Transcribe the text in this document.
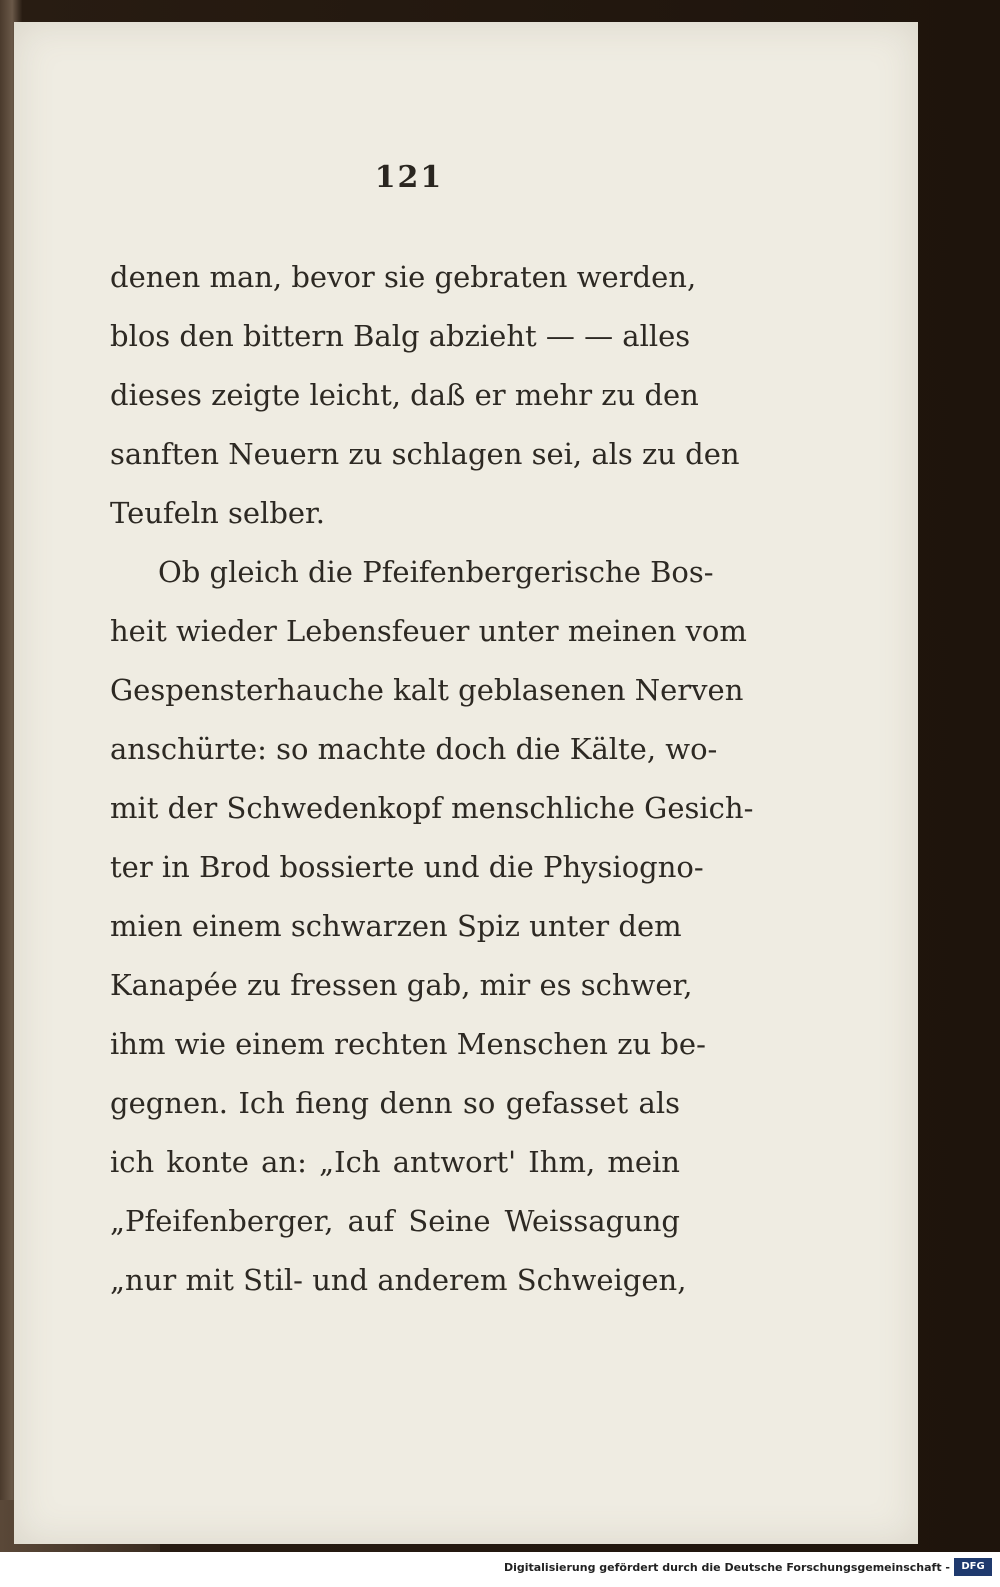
121
denen man, bevor sie gebraten werden,
blos den bittern Balg abzieht — — alles
dieses zeigte leicht, daß er mehr zu den
sanften Neuern zu schlagen sei, als zu den
Teufeln selber.
Ob gleich die Pfeifenbergerische Bos-
heit wieder Lebensfeuer unter meinen vom
Gespensterhauche kalt geblasenen Nerven
anschürte: so machte doch die Kälte, wo-
mit der Schwedenkopf menschliche Gesich-
ter in Brod bossierte und die Physiogno-
mien einem schwarzen Spiz unter dem
Kanapée zu fressen gab, mir es schwer,
ihm wie einem rechten Menschen zu be-
gegnen. Ich fieng denn so gefasset als
ich konte an: „Ich antwort' Ihm, mein
„Pfeifenberger, auf Seine Weissagung
„nur mit Stil- und anderem Schweigen,
Digitalisierung gefördert durch die Deutsche Forschungsgemeinschaft -	DFG
